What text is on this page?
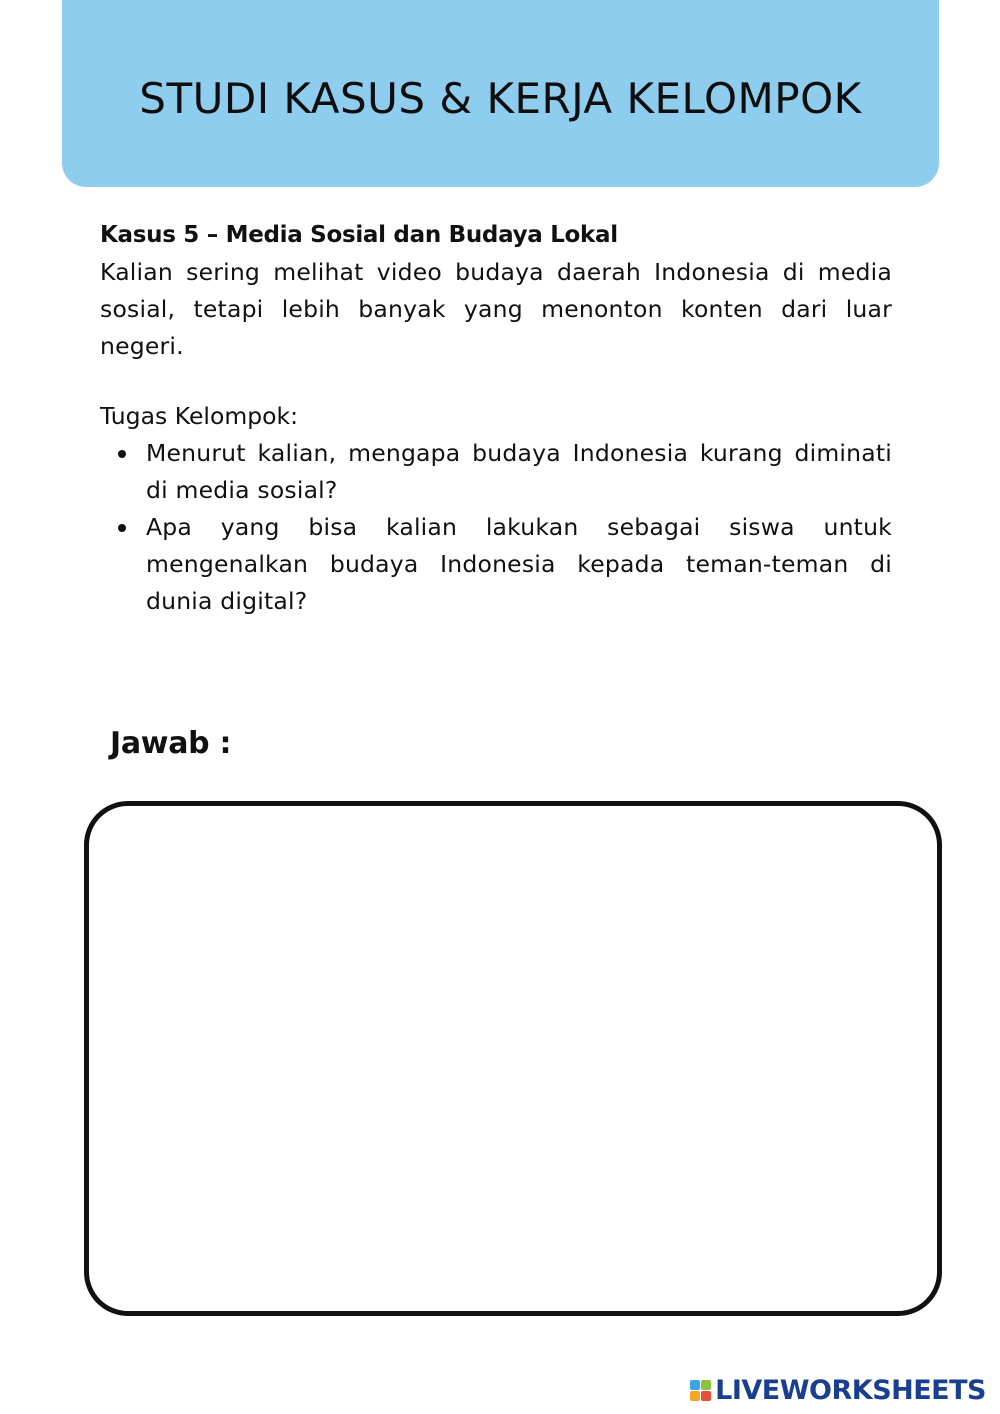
STUDI KASUS & KERJA KELOMPOK
Kasus 5 – Media Sosial dan Budaya Lokal

Kalian sering melihat video budaya daerah Indonesia di media sosial, tetapi lebih banyak yang menonton konten dari luar negeri.

Tugas Kelompok:
Menurut kalian, mengapa budaya Indonesia kurang diminati di media sosial?
Apa yang bisa kalian lakukan sebagai siswa untuk mengenalkan budaya Indonesia kepada teman-teman di dunia digital?
Jawab :
LIVEWORKSHEETS
